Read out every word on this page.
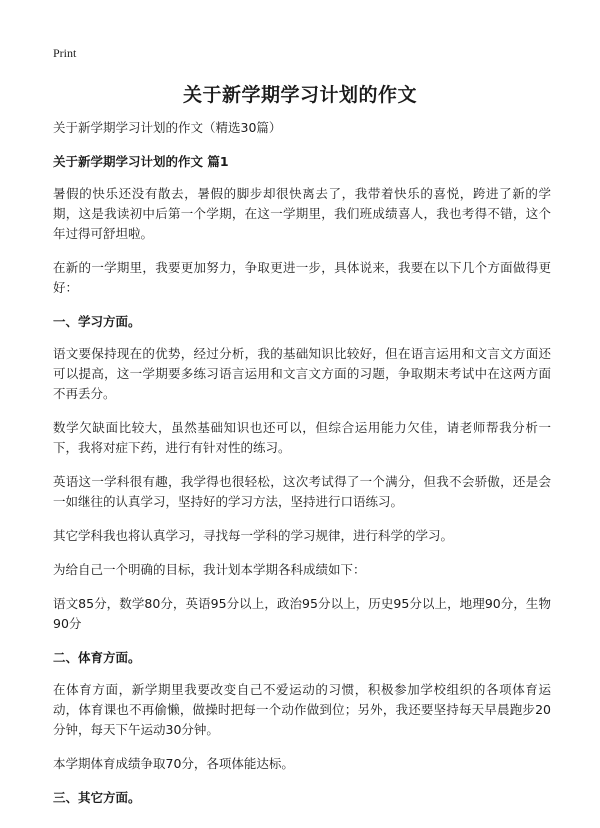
Print
关于新学期学习计划的作文

关于新学期学习计划的作文（精选30篇）

关于新学期学习计划的作文 篇1

暑假的快乐还没有散去，暑假的脚步却很快离去了，我带着快乐的喜悦，跨进了新的学期，这是我读初中后第一个学期，在这一学期里，我们班成绩喜人，我也考得不错，这个年过得可舒坦啦。

在新的一学期里，我要更加努力，争取更进一步，具体说来，我要在以下几个方面做得更好：

一、学习方面。

语文要保持现在的优势，经过分析，我的基础知识比较好，但在语言运用和文言文方面还可以提高，这一学期要多练习语言运用和文言文方面的习题，争取期末考试中在这两方面不再丢分。

数学欠缺面比较大，虽然基础知识也还可以，但综合运用能力欠佳，请老师帮我分析一下，我将对症下药，进行有针对性的练习。

英语这一学科很有趣，我学得也很轻松，这次考试得了一个满分，但我不会骄傲，还是会一如继往的认真学习，坚持好的学习方法，坚持进行口语练习。

其它学科我也将认真学习，寻找每一学科的学习规律，进行科学的学习。

为给自己一个明确的目标，我计划本学期各科成绩如下：

语文85分，数学80分，英语95分以上，政治95分以上，历史95分以上，地理90分，生物90分

二、体育方面。

在体育方面，新学期里我要改变自己不爱运动的习惯，积极参加学校组织的各项体育运动，体育课也不再偷懒，做操时把每一个动作做到位；另外，我还要坚持每天早晨跑步20分钟，每天下午运动30分钟。

本学期体育成绩争取70分，各项体能达标。

三、其它方面。
